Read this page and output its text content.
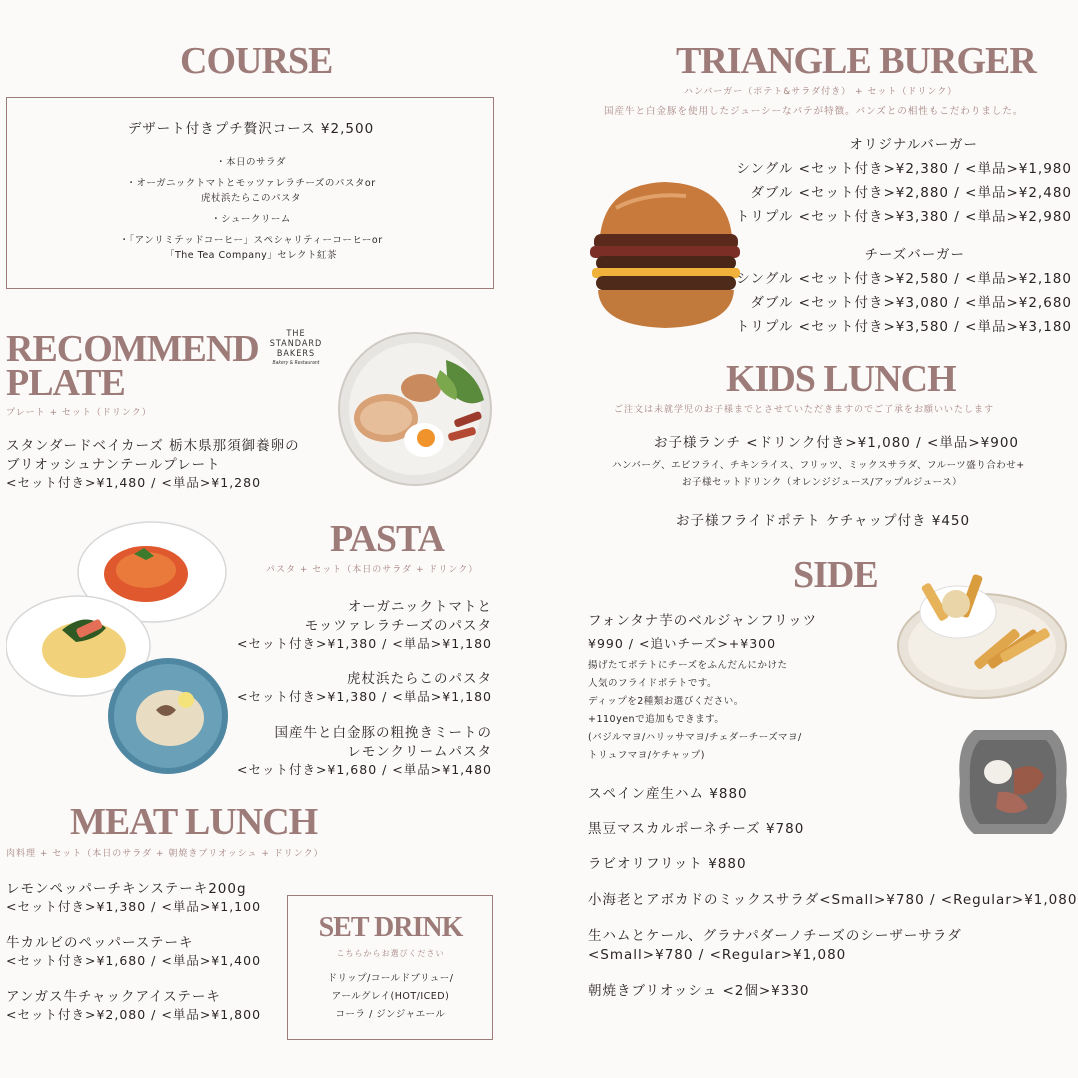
COURSE
デザート付きプチ贅沢コース ¥2,500
・本日のサラダ
・オーガニックトマトとモッツァレラチーズのパスタor
虎杖浜たらこのパスタ
・シュークリーム
・「アンリミテッドコーヒー」スペシャリティーコーヒーor
「The Tea Company」セレクト紅茶
RECOMMEND
PLATE
プレート + セット（ドリンク）
THE
STANDARD
BAKERS
Bakery & Restaurant
スタンダードベイカーズ 栃木県那須御養卵の
ブリオッシュナンテールプレート
<セット付き>¥1,480 / <単品>¥1,280
PASTA
パスタ + セット（本日のサラダ + ドリンク）
オーガニックトマトと
モッツァレラチーズのパスタ
<セット付き>¥1,380 / <単品>¥1,180
虎杖浜たらこのパスタ
<セット付き>¥1,380 / <単品>¥1,180
国産牛と白金豚の粗挽きミートの
レモンクリームパスタ
<セット付き>¥1,680 / <単品>¥1,480
MEAT LUNCH
肉料理 + セット（本日のサラダ + 朝焼きブリオッシュ + ドリンク）
レモンペッパーチキンステーキ200g
<セット付き>¥1,380 / <単品>¥1,100
牛カルビのペッパーステーキ
<セット付き>¥1,680 / <単品>¥1,400
アンガス牛チャックアイステーキ
<セット付き>¥2,080 / <単品>¥1,800
SET DRINK
こちらからお選びください
ドリップ/コールドブリュー/
アールグレイ(HOT/ICED)
コーラ / ジンジャエール
TRIANGLE BURGER
ハンバーガー（ポテト&サラダ付き） + セット（ドリンク）
国産牛と白金豚を使用したジューシーなパテが特徴。バンズとの相性もこだわりました。
オリジナルバーガー
シングル <セット付き>¥2,380 / <単品>¥1,980
ダブル <セット付き>¥2,880 / <単品>¥2,480
トリプル <セット付き>¥3,380 / <単品>¥2,980
チーズバーガー
シングル <セット付き>¥2,580 / <単品>¥2,180
ダブル <セット付き>¥3,080 / <単品>¥2,680
トリプル <セット付き>¥3,580 / <単品>¥3,180
KIDS LUNCH
ご注文は未就学児のお子様までとさせていただきますのでご了承をお願いいたします
お子様ランチ <ドリンク付き>¥1,080 / <単品>¥900
ハンバーグ、エビフライ、チキンライス、フリッツ、ミックスサラダ、フルーツ盛り合わせ+
お子様セットドリンク（オレンジジュース/アップルジュース）
お子様フライドポテト ケチャップ付き ¥450
SIDE
フォンタナ芋のベルジャンフリッツ
¥990 / <追いチーズ>+¥300
揚げたてポテトにチーズをふんだんにかけた
人気のフライドポテトです。
ディップを2種類お選びください。
+110yenで追加もできます。
(バジルマヨ/ハリッサマヨ/チェダーチーズマヨ/
トリュフマヨ/ケチャップ)
スペイン産生ハム ¥880
黒豆マスカルポーネチーズ ¥780
ラビオリフリット ¥880
小海老とアボカドのミックスサラダ<Small>¥780 / <Regular>¥1,080
生ハムとケール、グラナパダーノチーズのシーザーサラダ
<Small>¥780 / <Regular>¥1,080
朝焼きブリオッシュ <2個>¥330
